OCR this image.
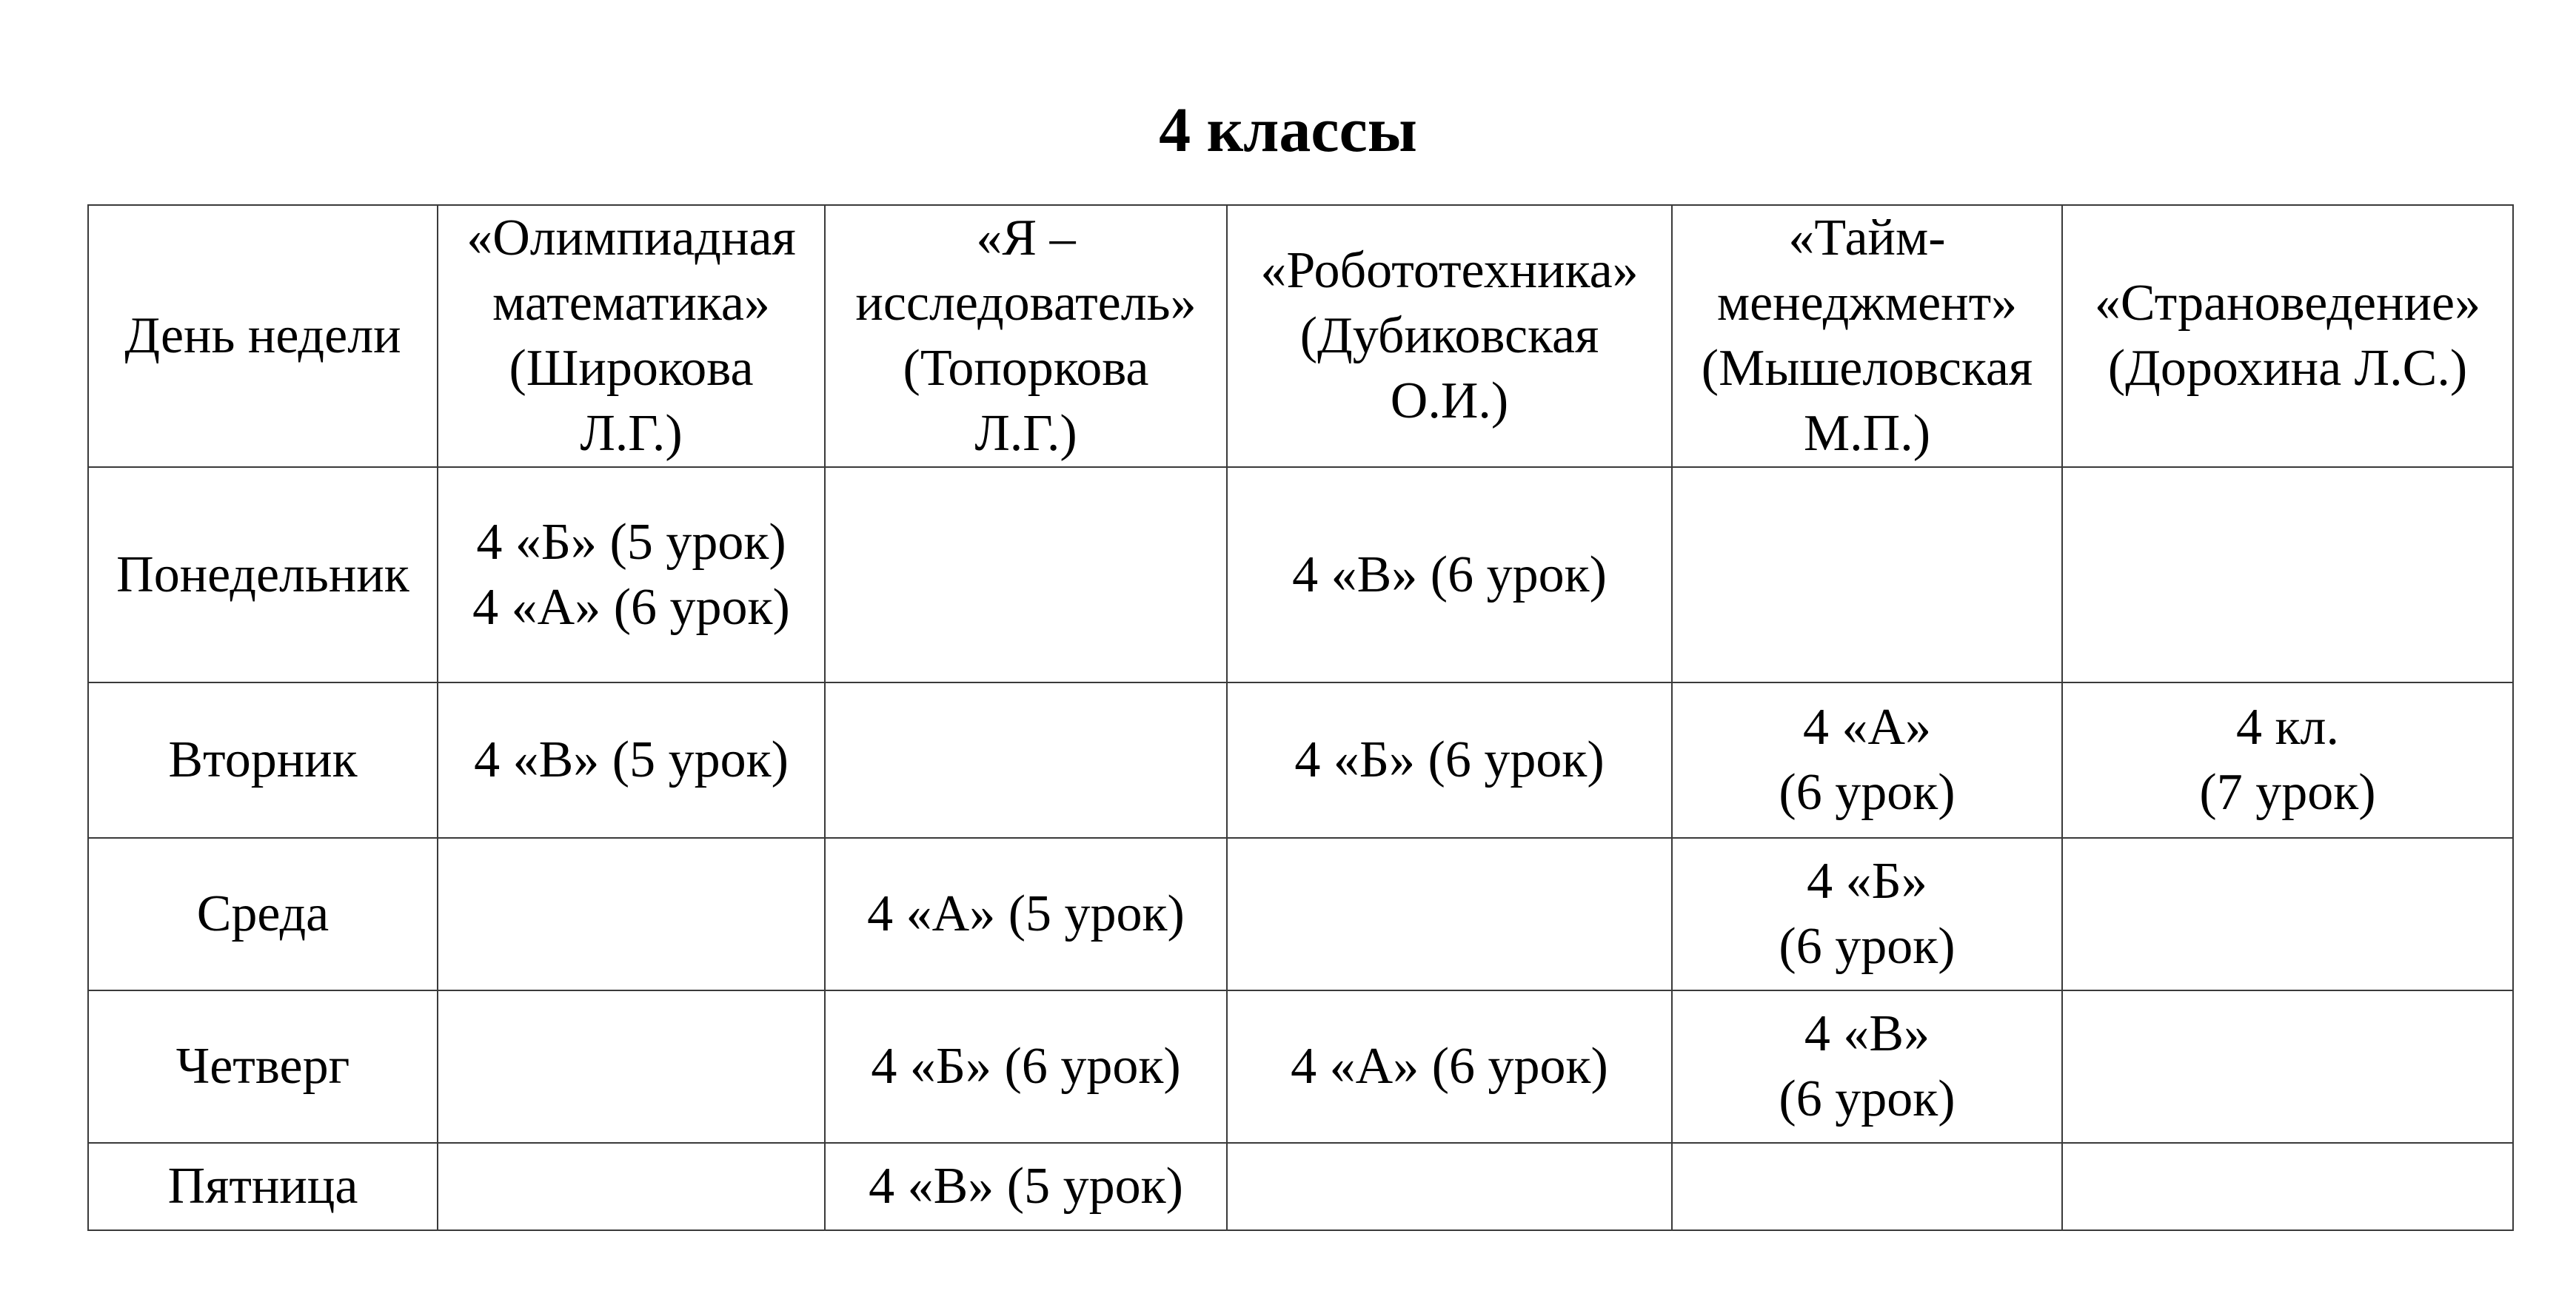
4 классы
День недели	«Олимпиадная
математика»
(Широкова
Л.Г.)	«Я –
исследователь»
(Топоркова
Л.Г.)	«Робототехника»
(Дубиковская
О.И.)	«Тайм-
менеджмент»
(Мышеловская
М.П.)	«Страноведение»
(Дорохина Л.С.)

Понедельник	4 «Б» (5 урок)
4 «А» (6 урок)		4 «В» (6 урок)		

Вторник	4 «В» (5 урок)		4 «Б» (6 урок)	4 «А»
(6 урок)	4 кл.
(7 урок)

Среда		4 «А» (5 урок)		4 «Б»
(6 урок)	

Четверг		4 «Б» (6 урок)	4 «А» (6 урок)	4 «В»
(6 урок)	

Пятница		4 «В» (5 урок)			
